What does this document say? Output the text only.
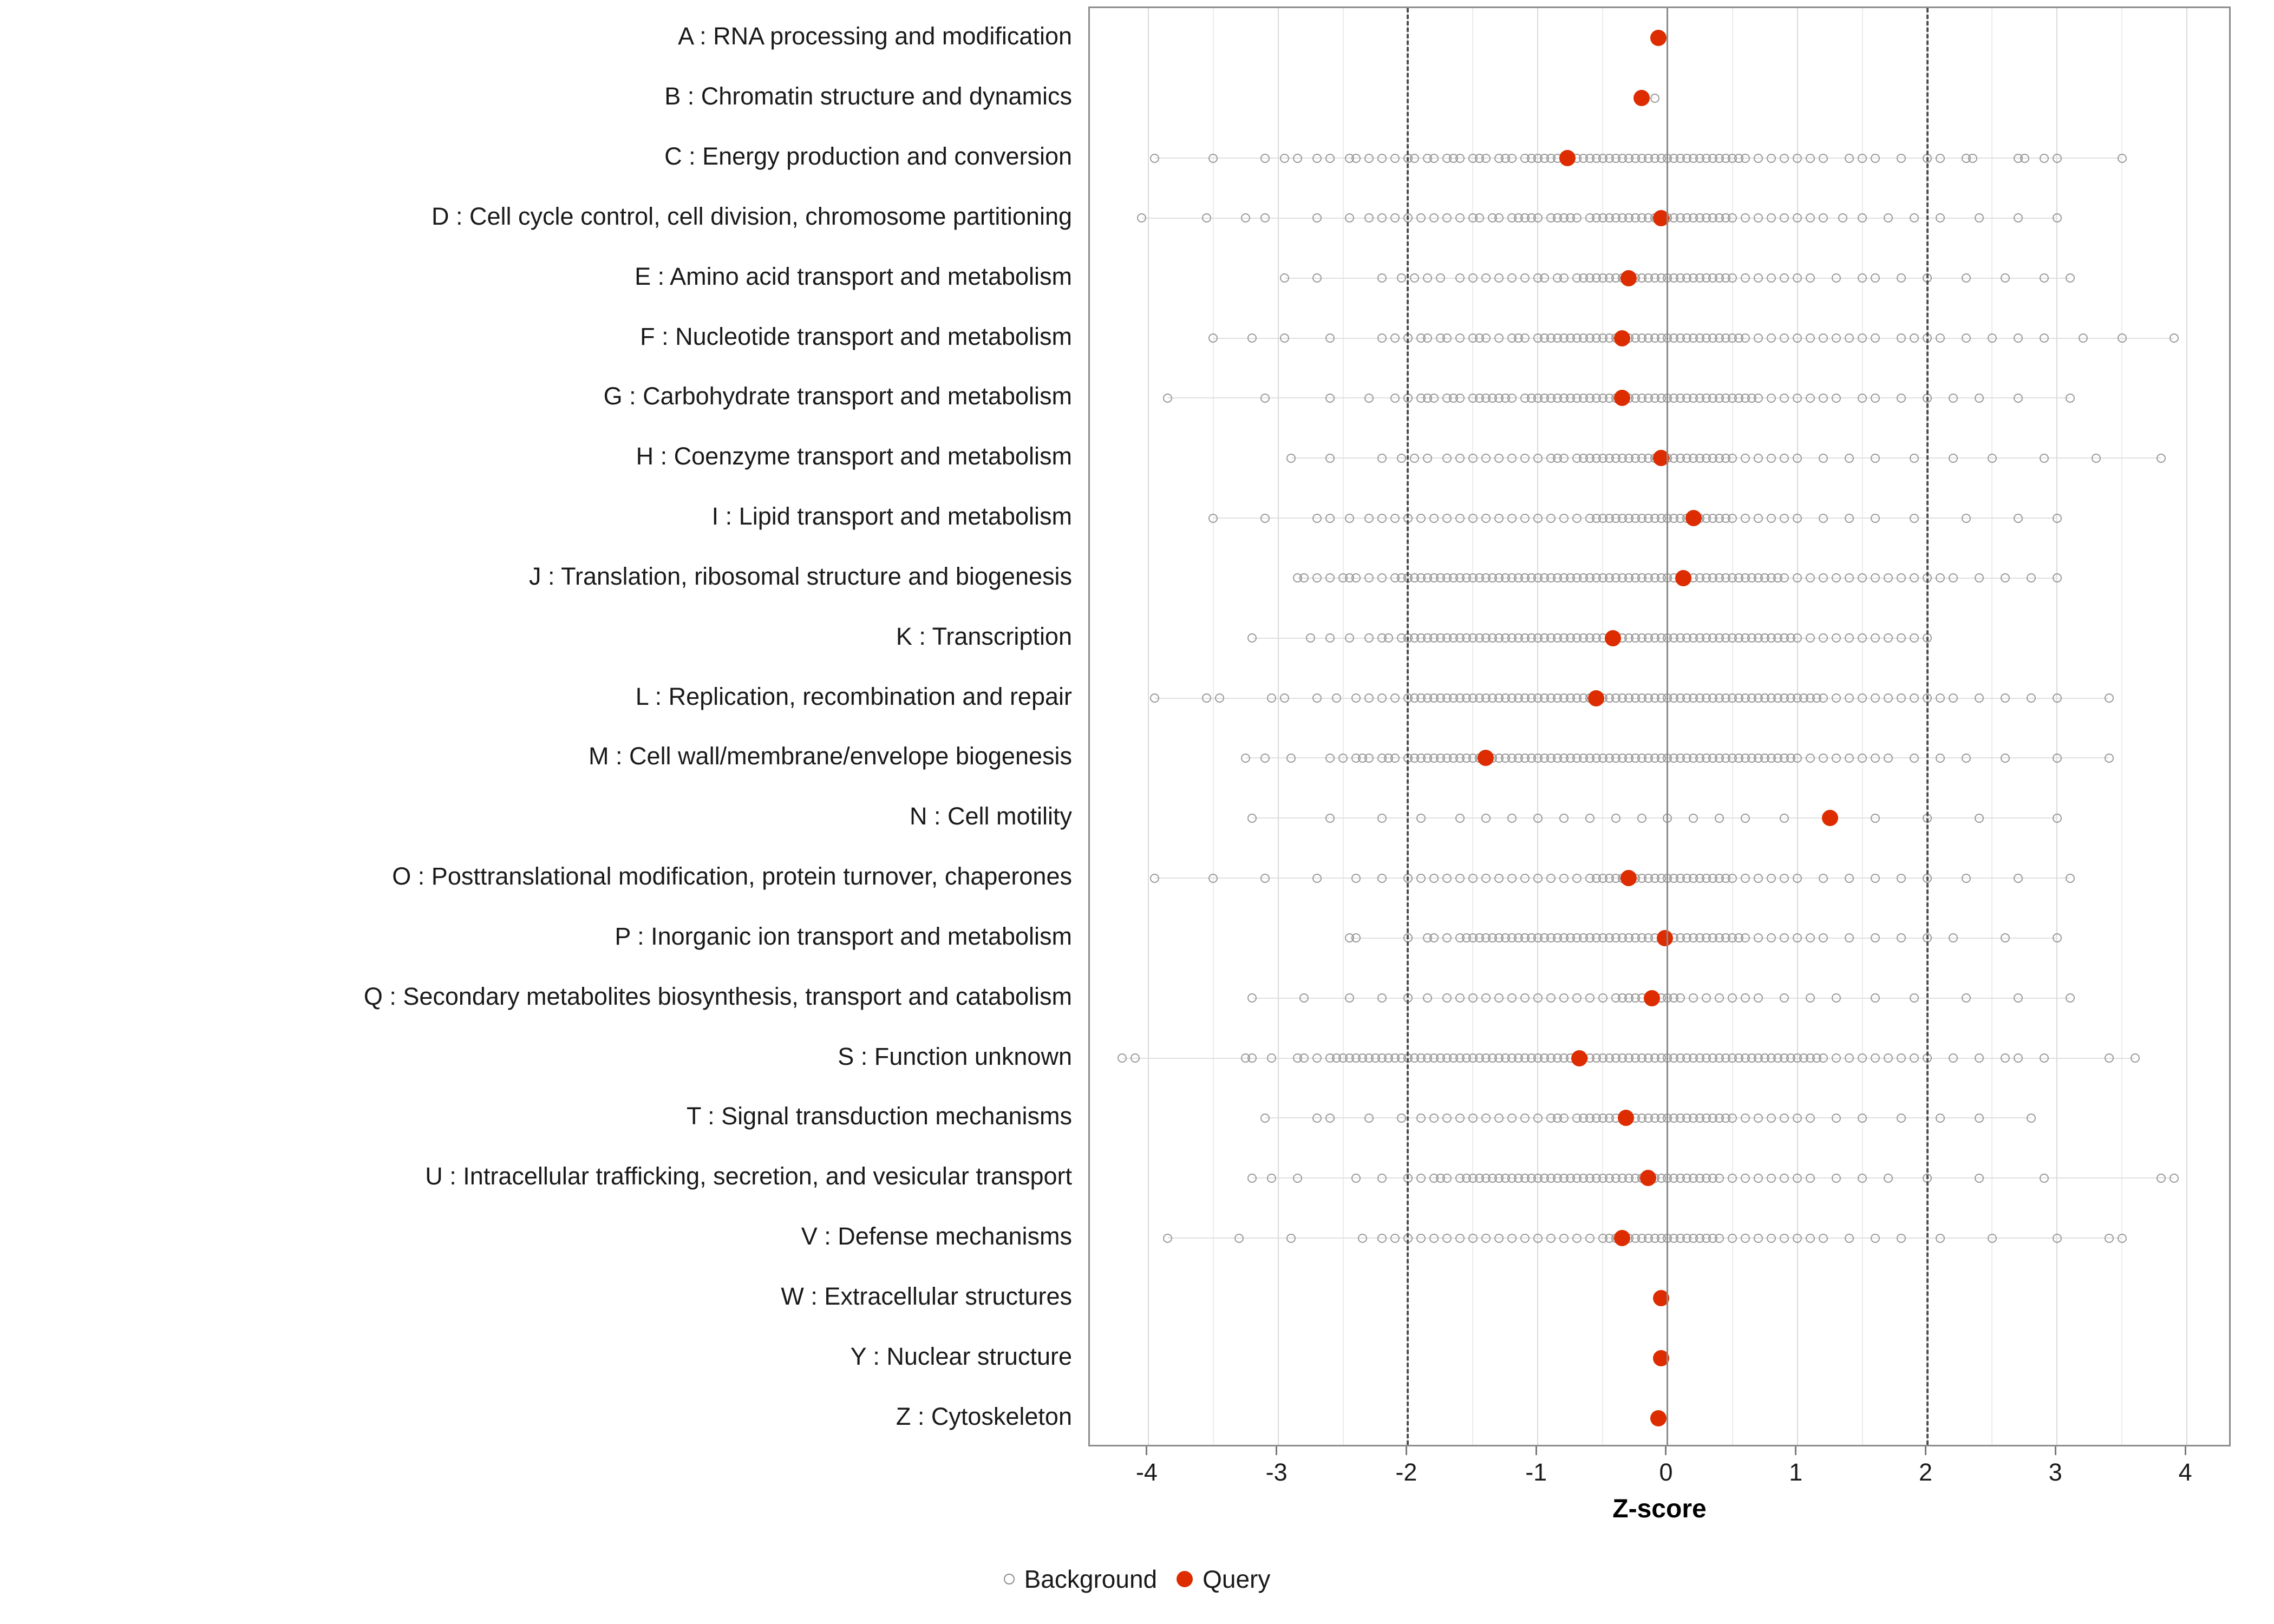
A : RNA processing and modification
B : Chromatin structure and dynamics
C : Energy production and conversion
D : Cell cycle control, cell division, chromosome partitioning
E : Amino acid transport and metabolism
F : Nucleotide transport and metabolism
G : Carbohydrate transport and metabolism
H : Coenzyme transport and metabolism
I : Lipid transport and metabolism
J : Translation, ribosomal structure and biogenesis
K : Transcription
L : Replication, recombination and repair
M : Cell wall/membrane/envelope biogenesis
N : Cell motility
O : Posttranslational modification, protein turnover, chaperones
P : Inorganic ion transport and metabolism
Q : Secondary metabolites biosynthesis, transport and catabolism
S : Function unknown
T : Signal transduction mechanisms
U : Intracellular trafficking, secretion, and vesicular transport
V : Defense mechanisms
W : Extracellular structures
Y : Nuclear structure
Z : Cytoskeleton
-4	-3	-2	-1	0	1	2	3	4
Z-score
Background Query
